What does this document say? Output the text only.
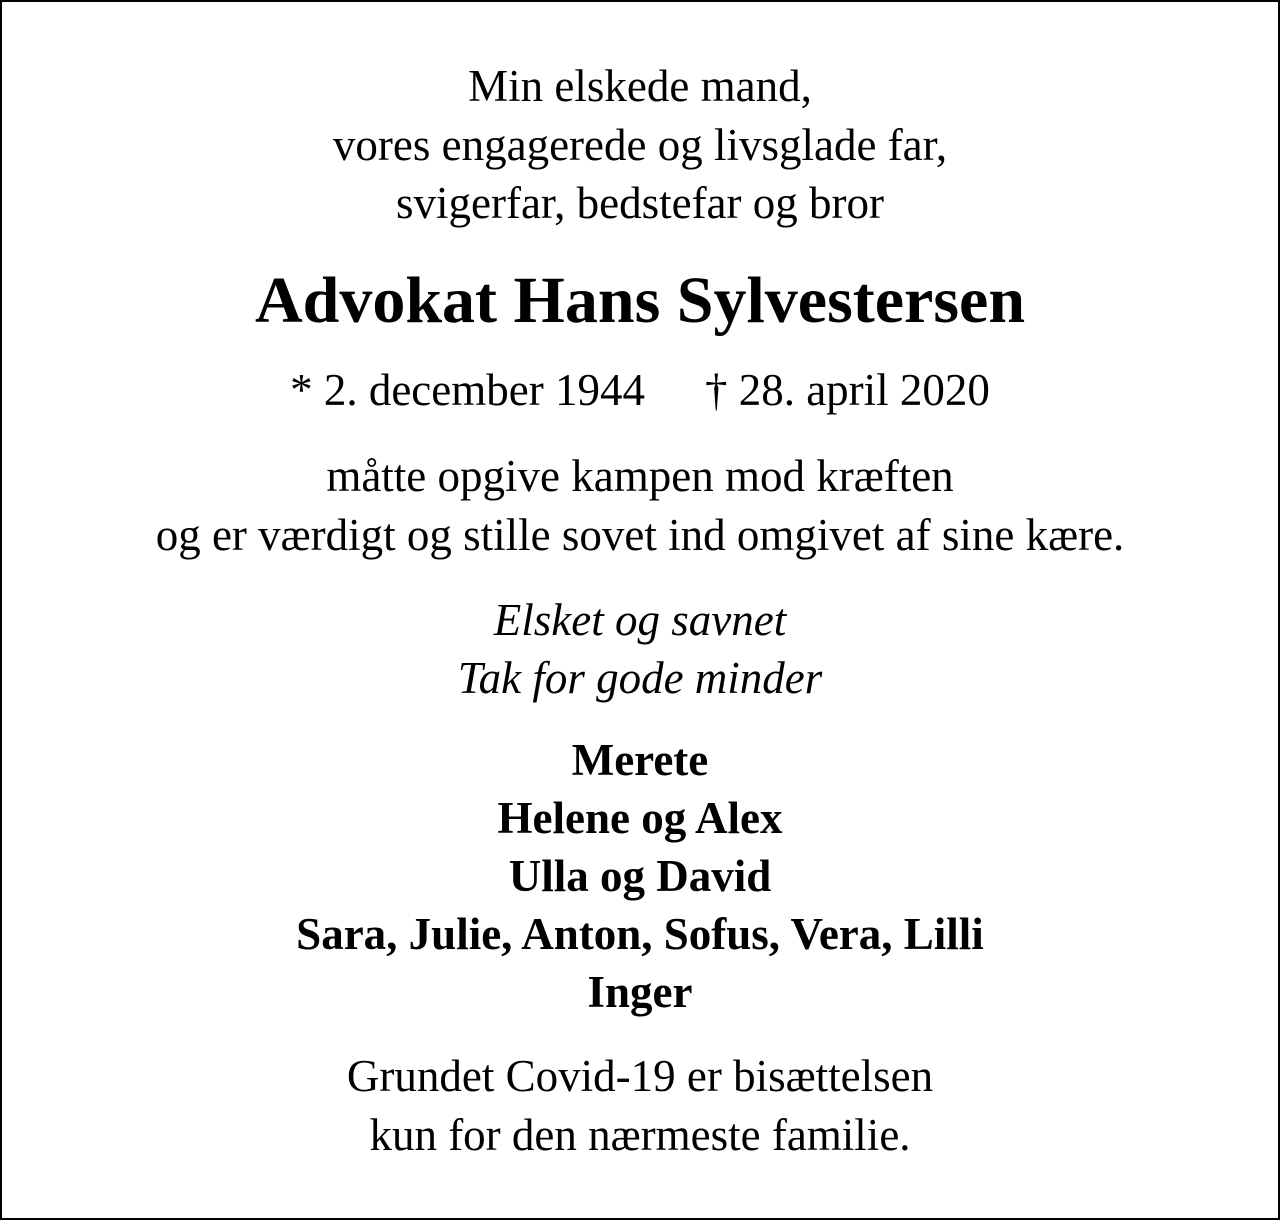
Min elskede mand,
vores engagerede og livsglade far,
svigerfar, bedstefar og bror
Advokat Hans Sylvestersen
* 2. december 1944 † 28. april 2020
måtte opgive kampen mod kræften
og er værdigt og stille sovet ind omgivet af sine kære.
Elsket og savnet
Tak for gode minder
Merete
Helene og Alex
Ulla og David
Sara, Julie, Anton, Sofus, Vera, Lilli
Inger
Grundet Covid-19 er bisættelsen
kun for den nærmeste familie.
